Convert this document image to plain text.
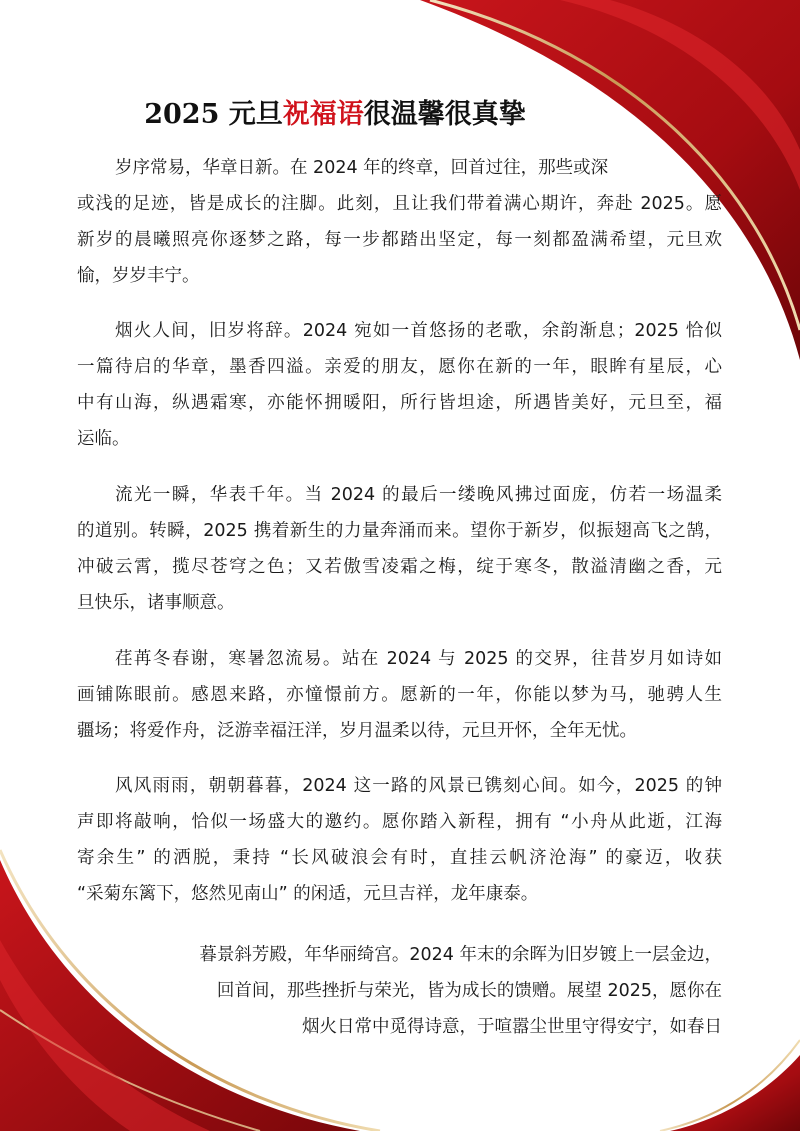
2025 元旦祝福语很温馨很真挚
岁序常易，华章日新。在 2024 年的终章，回首过往，那些或深
或浅的足迹，皆是成长的注脚。此刻，且让我们带着满心期许，奔赴 2025。愿
新岁的晨曦照亮你逐梦之路，每一步都踏出坚定，每一刻都盈满希望，元旦欢
愉，岁岁丰宁。
烟火人间，旧岁将辞。2024 宛如一首悠扬的老歌，余韵渐息；2025 恰似
一篇待启的华章，墨香四溢。亲爱的朋友，愿你在新的一年，眼眸有星辰，心
中有山海，纵遇霜寒，亦能怀拥暖阳，所行皆坦途，所遇皆美好，元旦至，福
运临。
流光一瞬，华表千年。当 2024 的最后一缕晚风拂过面庞，仿若一场温柔
的道别。转瞬，2025 携着新生的力量奔涌而来。望你于新岁，似振翅高飞之鹄，
冲破云霄，揽尽苍穹之色；又若傲雪凌霜之梅，绽于寒冬，散溢清幽之香，元
旦快乐，诸事顺意。
荏苒冬春谢，寒暑忽流易。站在 2024 与 2025 的交界，往昔岁月如诗如
画铺陈眼前。感恩来路，亦憧憬前方。愿新的一年，你能以梦为马，驰骋人生
疆场；将爱作舟，泛游幸福汪洋，岁月温柔以待，元旦开怀，全年无忧。
风风雨雨，朝朝暮暮，2024 这一路的风景已镌刻心间。如今，2025 的钟
声即将敲响，恰似一场盛大的邀约。愿你踏入新程，拥有 “小舟从此逝，江海
寄余生” 的洒脱，秉持 “长风破浪会有时，直挂云帆济沧海” 的豪迈，收获
“采菊东篱下，悠然见南山” 的闲适，元旦吉祥，龙年康泰。
暮景斜芳殿，年华丽绮宫。2024 年末的余晖为旧岁镀上一层金边，
回首间，那些挫折与荣光，皆为成长的馈赠。展望 2025，愿你在
烟火日常中觅得诗意，于喧嚣尘世里守得安宁，如春日
